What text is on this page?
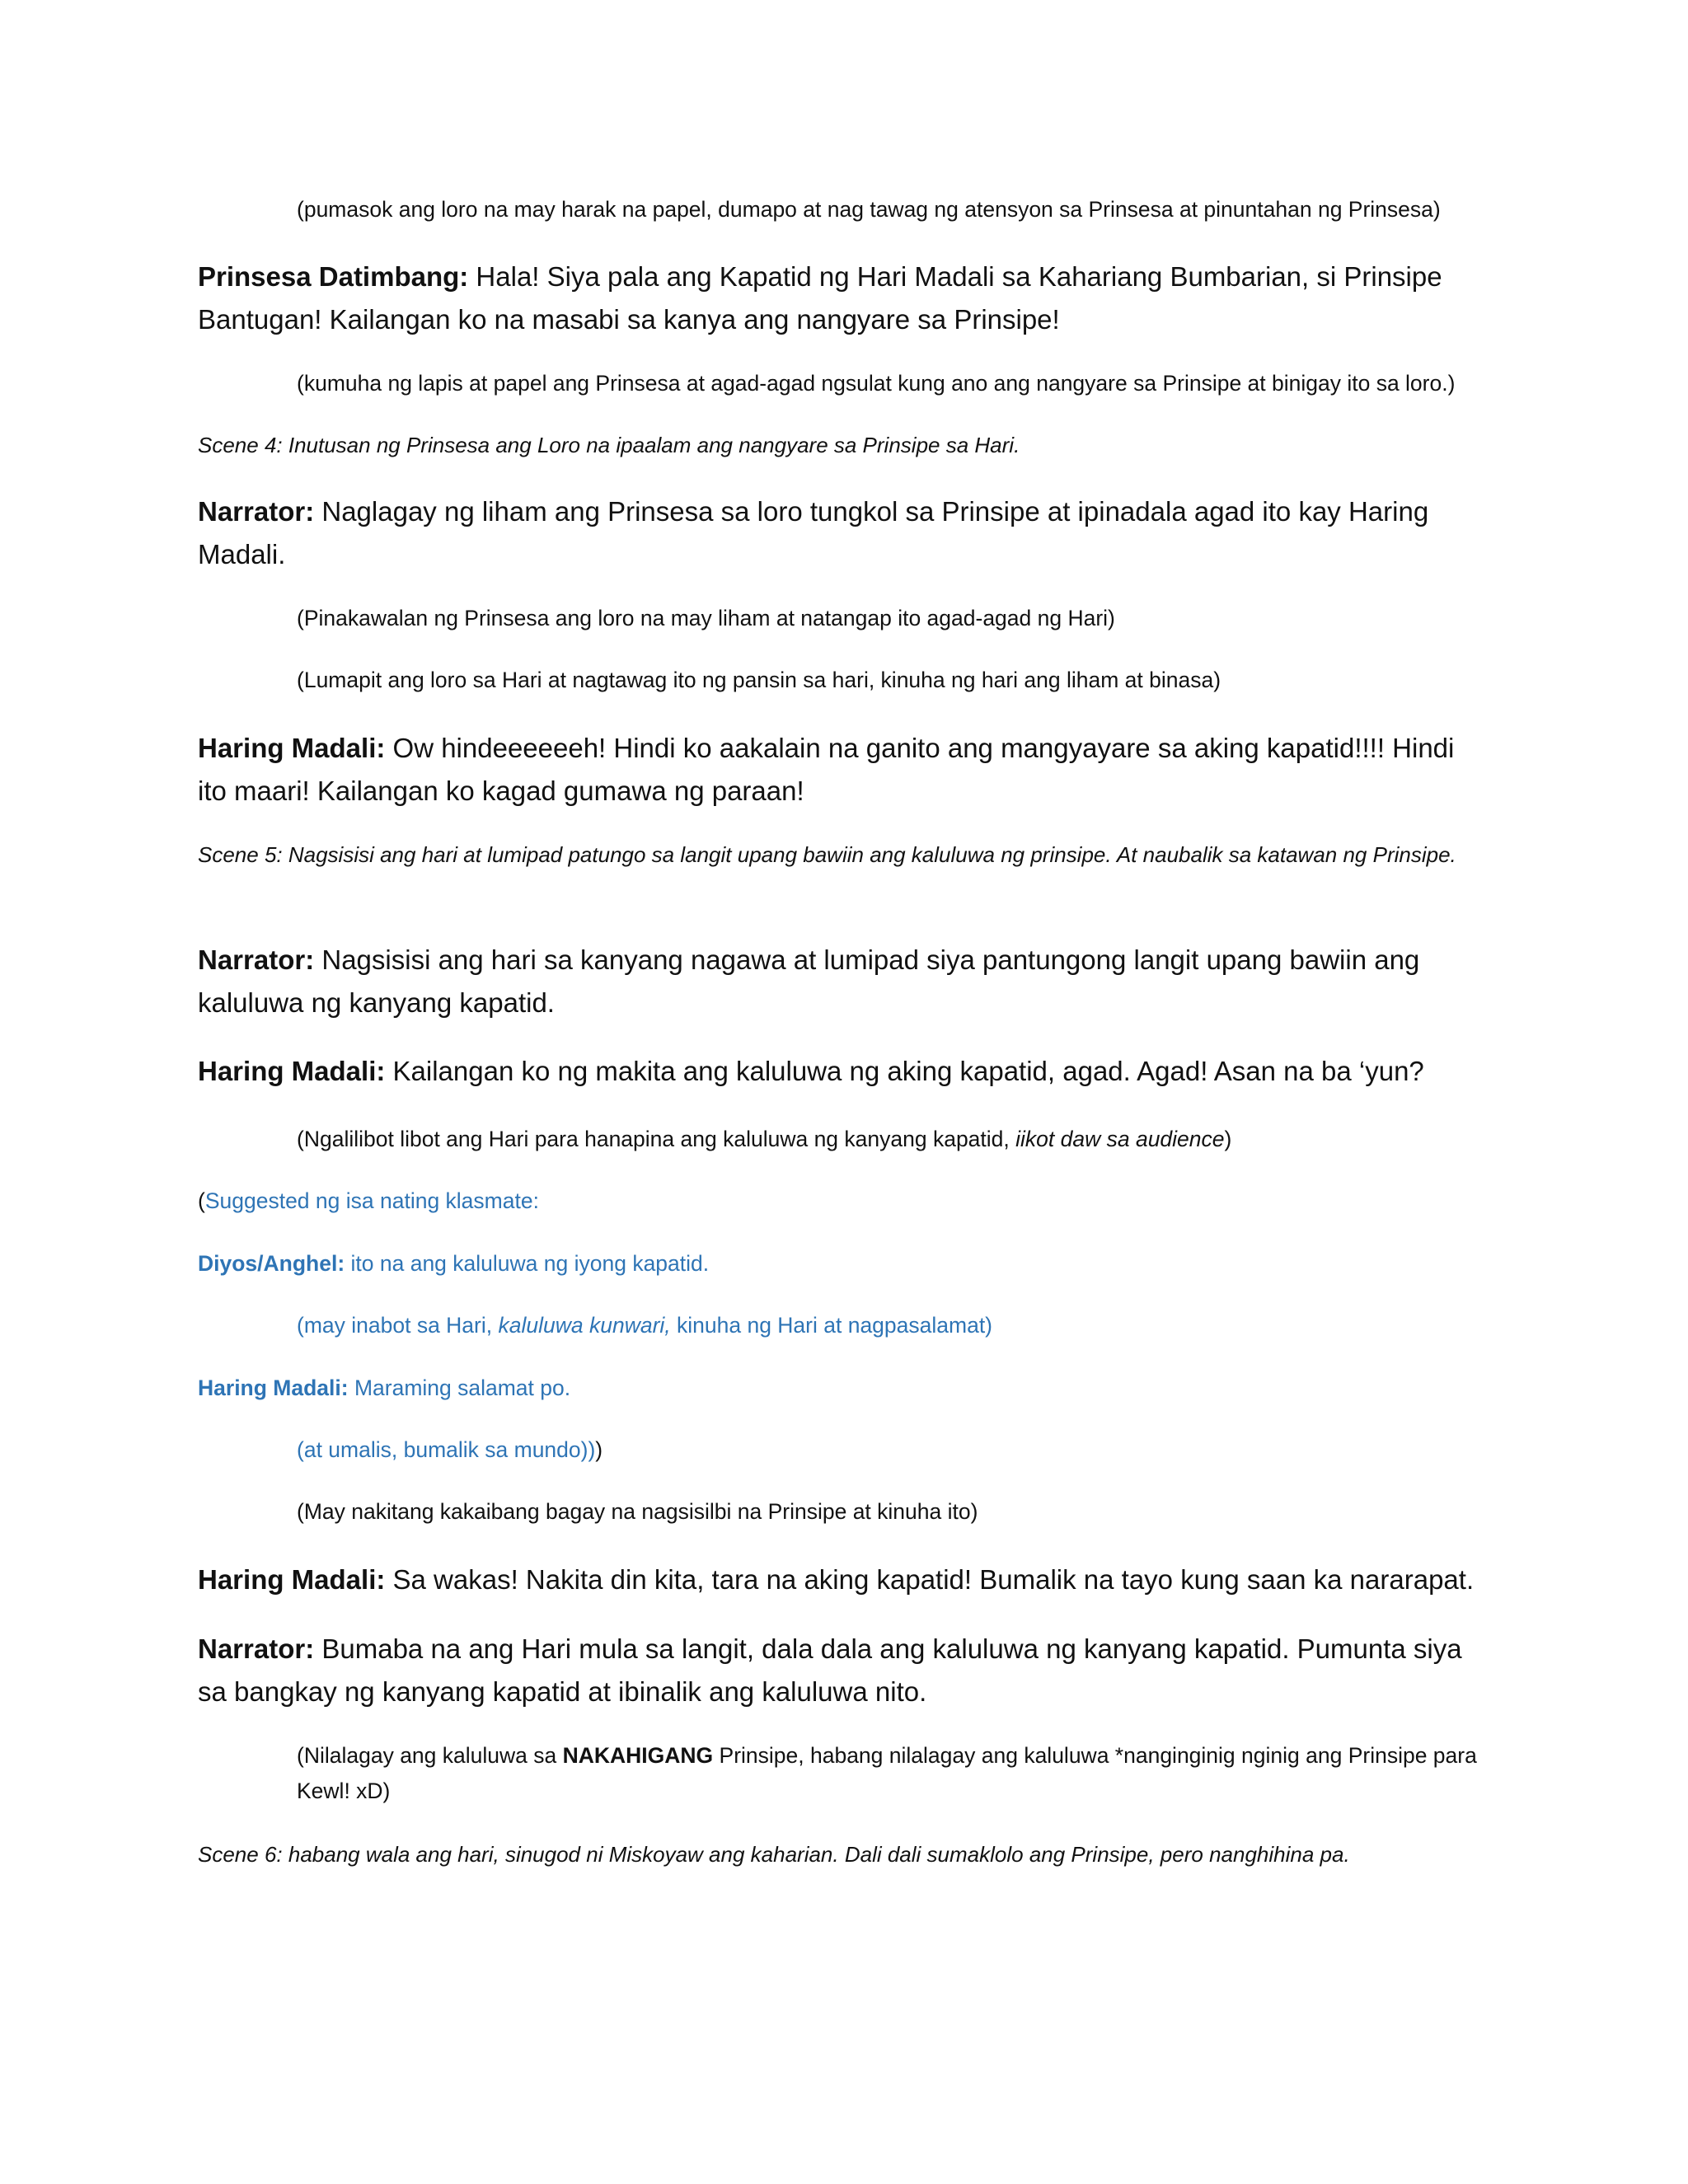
(pumasok ang loro na may harak na papel, dumapo at nag tawag ng atensyon sa Prinsesa at pinuntahan ng Prinsesa)

Prinsesa Datimbang: Hala! Siya pala ang Kapatid ng Hari Madali sa Kahariang Bumbarian, si Prinsipe Bantugan! Kailangan ko na masabi sa kanya ang nangyare sa Prinsipe!

(kumuha ng lapis at papel ang Prinsesa at agad-agad ngsulat kung ano ang nangyare sa Prinsipe at binigay ito sa loro.)

Scene 4: Inutusan ng Prinsesa ang Loro na ipaalam ang nangyare sa Prinsipe sa Hari.

Narrator: Naglagay ng liham ang Prinsesa sa loro tungkol sa Prinsipe at ipinadala agad ito kay Haring Madali.

(Pinakawalan ng Prinsesa ang loro na may liham at natangap ito agad-agad ng Hari)

(Lumapit ang loro sa Hari at nagtawag ito ng pansin sa hari, kinuha ng hari ang liham at binasa)

Haring Madali: Ow hindeeeeeeh! Hindi ko aakalain na ganito ang mangyayare sa aking kapatid!!!! Hindi ito maari! Kailangan ko kagad gumawa ng paraan!

Scene 5: Nagsisisi ang hari at lumipad patungo sa langit upang bawiin ang kaluluwa ng prinsipe. At naubalik sa katawan ng Prinsipe.

Narrator: Nagsisisi ang hari sa kanyang nagawa at lumipad siya pantungong langit upang bawiin ang kaluluwa ng kanyang kapatid.

Haring Madali: Kailangan ko ng makita ang kaluluwa ng aking kapatid, agad. Agad! Asan na ba ‘yun?

(Ngalilibot libot ang Hari para hanapina ang kaluluwa ng kanyang kapatid, iikot daw sa audience)

(Suggested ng isa nating klasmate:

Diyos/Anghel: ito na ang kaluluwa ng iyong kapatid.

(may inabot sa Hari, kaluluwa kunwari, kinuha ng Hari at nagpasalamat)

Haring Madali: Maraming salamat po.

(at umalis, bumalik sa mundo)))

(May nakitang kakaibang bagay na nagsisilbi na Prinsipe at kinuha ito)

Haring Madali: Sa wakas! Nakita din kita, tara na aking kapatid! Bumalik na tayo kung saan ka nararapat.

Narrator: Bumaba na ang Hari mula sa langit, dala dala ang kaluluwa ng kanyang kapatid. Pumunta siya sa bangkay ng kanyang kapatid at ibinalik ang kaluluwa nito.

(Nilalagay ang kaluluwa sa NAKAHIGANG Prinsipe, habang nilalagay ang kaluluwa *nanginginig nginig ang Prinsipe para Kewl! xD)

Scene 6: habang wala ang hari, sinugod ni Miskoyaw ang kaharian. Dali dali sumaklolo ang Prinsipe, pero nanghihina pa.
